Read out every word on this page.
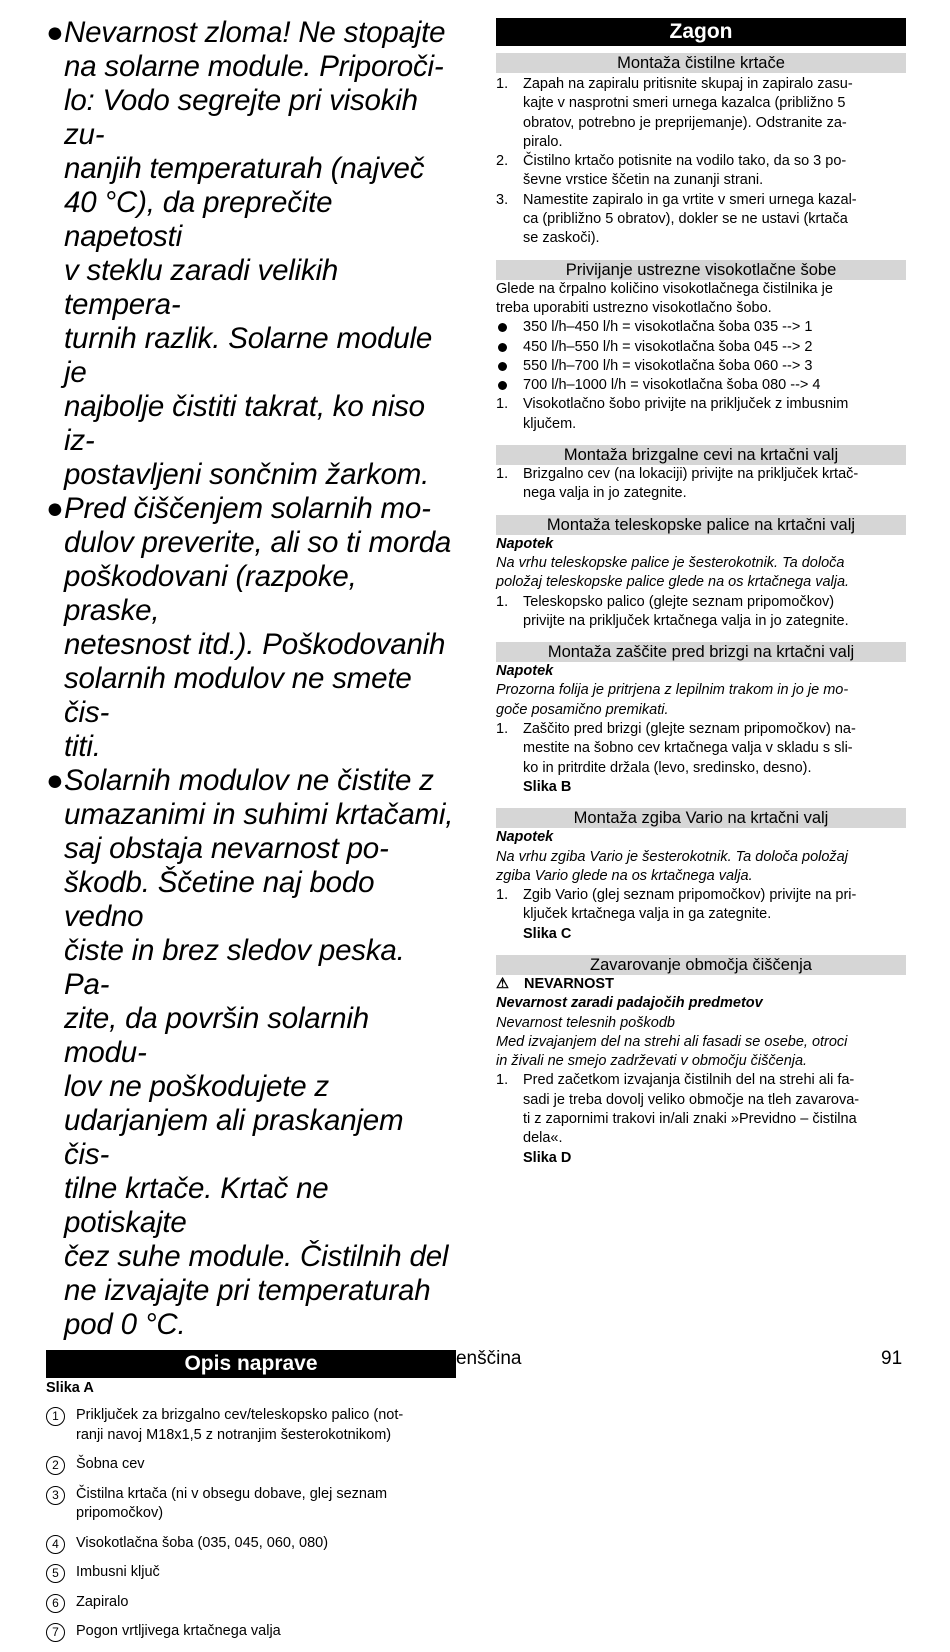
● Nevarnost zloma! Ne stopajte
na solarne module. Priporoči-
lo: Vodo segrejte pri visokih zu-
nanjih temperaturah (največ
40 °C), da preprečite napetosti
v steklu zaradi velikih tempera-
turnih razlik. Solarne module je
najbolje čistiti takrat, ko niso iz-
postavljeni sončnim žarkom.
● Pred čiščenjem solarnih mo-
dulov preverite, ali so ti morda
poškodovani (razpoke, praske,
netesnost itd.). Poškodovanih
solarnih modulov ne smete čis-
titi.
● Solarnih modulov ne čistite z
umazanimi in suhimi krtačami,
saj obstaja nevarnost po-
škodb. Ščetine naj bodo vedno
čiste in brez sledov peska. Pa-
zite, da površin solarnih modu-
lov ne poškodujete z
udarjanjem ali praskanjem čis-
tilne krtače. Krtač ne potiskajte
čez suhe module. Čistilnih del
ne izvajajte pri temperaturah
pod 0 °C.
Opis naprave
Slika A
1	Priključek za brizgalno cev/teleskopsko palico (not-
ranji navoj M18x1,5 z notranjim šesterokotnikom)
2	Šobna cev
3	Čistilna krtača (ni v obsegu dobave, glej seznam
pripomočkov)
4	Visokotlačna šoba (035, 045, 060, 080)
5	Imbusni ključ
6	Zapiralo
7	Pogon vrtljivega krtačnega valja
Zagon
Montaža čistilne krtače
1. Zapah na zapiralu pritisnite skupaj in zapiralo zasu-
kajte v nasprotni smeri urnega kazalca (približno 5
obratov, potrebno je preprijemanje). Odstranite za-
piralo.
2. Čistilno krtačo potisnite na vodilo tako, da so 3 po-
ševne vrstice ščetin na zunanji strani.
3. Namestite zapiralo in ga vrtite v smeri urnega kazal-
ca (približno 5 obratov), dokler se ne ustavi (krtača
se zaskoči).
Privijanje ustrezne visokotlačne šobe
Glede na črpalno količino visokotlačnega čistilnika je
treba uporabiti ustrezno visokotlačno šobo.
350 l/h–450 l/h = visokotlačna šoba 035 --> 1
450 l/h–550 l/h = visokotlačna šoba 045 --> 2
550 l/h–700 l/h = visokotlačna šoba 060 --> 3
700 l/h–1000 l/h = visokotlačna šoba 080 --> 4
1. Visokotlačno šobo privijte na priključek z imbusnim
ključem.
Montaža brizgalne cevi na krtačni valj
1. Brizgalno cev (na lokaciji) privijte na priključek krtač-
nega valja in jo zategnite.
Montaža teleskopske palice na krtačni valj
Napotek
Na vrhu teleskopske palice je šesterokotnik. Ta določa
položaj teleskopske palice glede na os krtačnega valja.
1. Teleskopsko palico (glejte seznam pripomočkov)
privijte na priključek krtačnega valja in jo zategnite.
Montaža zaščite pred brizgi na krtačni valj
Napotek
Prozorna folija je pritrjena z lepilnim trakom in jo je mo-
goče posamično premikati.
1. Zaščito pred brizgi (glejte seznam pripomočkov) na-
mestite na šobno cev krtačnega valja v skladu s sli-
ko in pritrdite držala (levo, sredinsko, desno).
Slika B
Montaža zgiba Vario na krtačni valj
Napotek
Na vrhu zgiba Vario je šesterokotnik. Ta določa položaj
zgiba Vario glede na os krtačnega valja.
1. Zgib Vario (glej seznam pripomočkov) privijte na pri-
ključek krtačnega valja in ga zategnite.
Slika C
Zavarovanje območja čiščenja
⚠ NEVARNOST
Nevarnost zaradi padajočih predmetov
Nevarnost telesnih poškodb
Med izvajanjem del na strehi ali fasadi se osebe, otroci
in živali ne smejo zadrževati v območju čiščenja.
1. Pred začetkom izvajanja čistilnih del na strehi ali fa-
sadi je treba dovolj veliko območje na tleh zavarova-
ti z zapornimi trakovi in/ali znaki »Previdno – čistilna
dela«.
Slika D
Slovenščina	91
